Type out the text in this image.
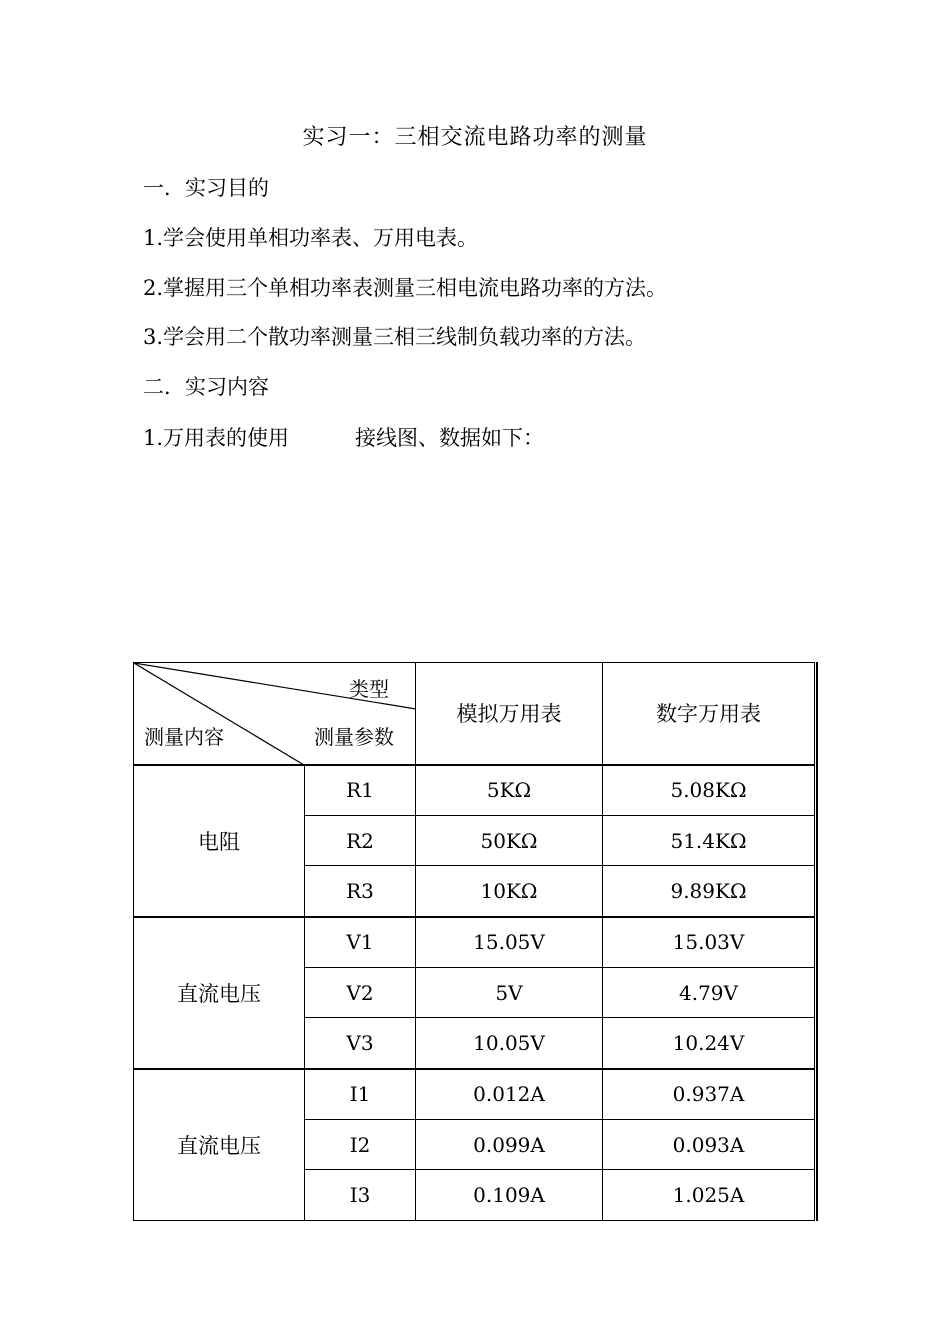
实习一：三相交流电路功率的测量
一．实习目的
1.学会使用单相功率表、万用电表。
2.掌握用三个单相功率表测量三相电流电路功率的方法。
3.学会用二个散功率测量三相三线制负载功率的方法。
二．实习内容
1.万用表的使用	接线图、数据如下：
类型
测量内容 测量参数		模拟万用表	数字万用表
电阻	R1	5KΩ	5.08KΩ
	R2	50KΩ	51.4KΩ
	R3	10KΩ	9.89KΩ
直流电压	V1	15.05V	15.03V
	V2	5V	4.79V
	V3	10.05V	10.24V
直流电压	I1	0.012A	0.937A
	I2	0.099A	0.093A
	I3	0.109A	1.025A
